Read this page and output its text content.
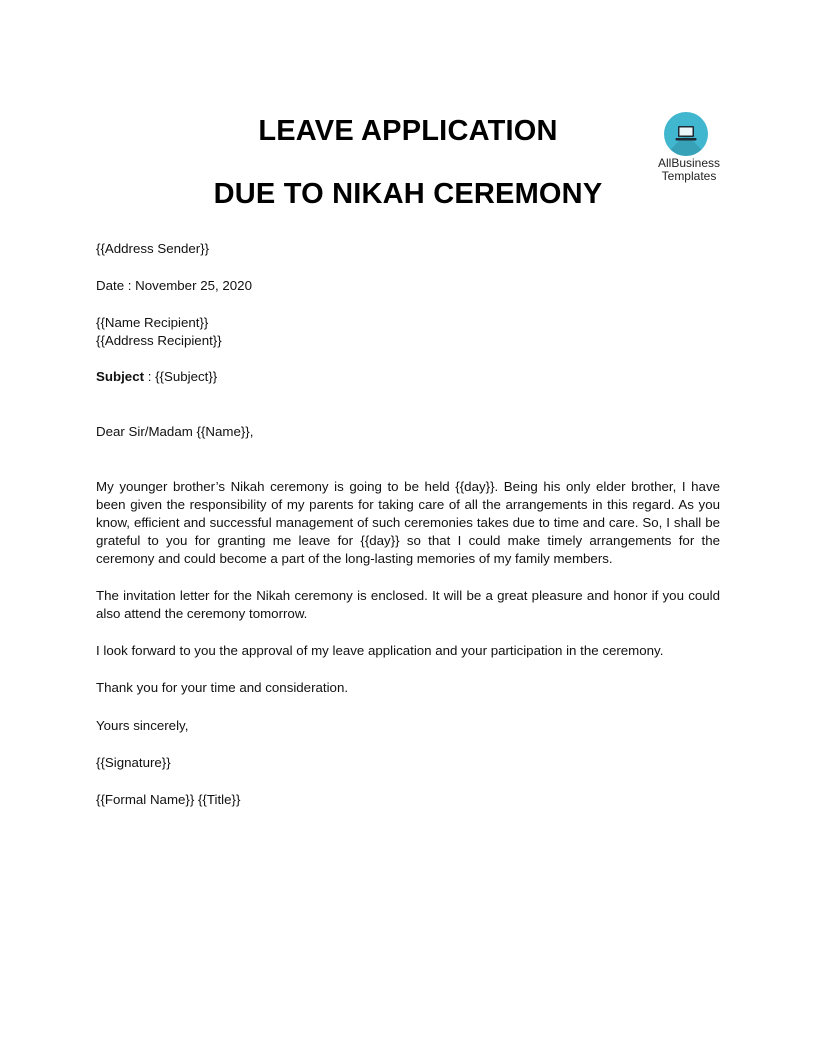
LEAVE APPLICATION
DUE TO NIKAH CEREMONY
AllBusiness
Templates
{{Address Sender}}
Date : November 25, 2020
{{Name Recipient}}
{{Address Recipient}}
Subject : {{Subject}}
Dear Sir/Madam {{Name}},
My younger brother’s Nikah ceremony is going to be held {{day}}. Being his only elder brother, I have been given the responsibility of my parents for taking care of all the arrangements in this regard. As you know, efficient and successful management of such ceremonies takes due to time and care. So, I shall be grateful to you for granting me leave for {{day}} so that I could make timely arrangements for the ceremony and could become a part of the long-lasting memories of my family members.
The invitation letter for the Nikah ceremony is enclosed. It will be a great pleasure and honor if you could also attend the ceremony tomorrow.
I look forward to you the approval of my leave application and your participation in the ceremony.
Thank you for your time and consideration.
Yours sincerely,
{{Signature}}
{{Formal Name}} {{Title}}
